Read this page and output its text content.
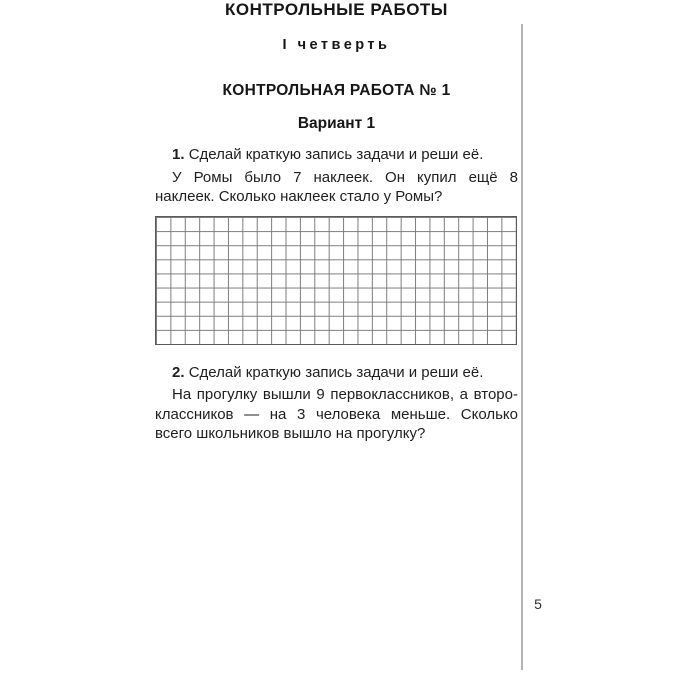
КОНТРОЛЬНЫЕ РАБОТЫ
I четверть
КОНТРОЛЬНАЯ РАБОТА № 1
Вариант 1

1. Сделай краткую запись задачи и реши её.

У Ромы было 7 наклеек. Он купил ещё 8 наклеек. Сколько наклеек стало у Ромы?

2. Сделай краткую запись задачи и реши её.

На прогулку вышли 9 первоклассников, а второклассников — на 3 человека меньше. Сколько всего школьников вышло на прогулку?

5
